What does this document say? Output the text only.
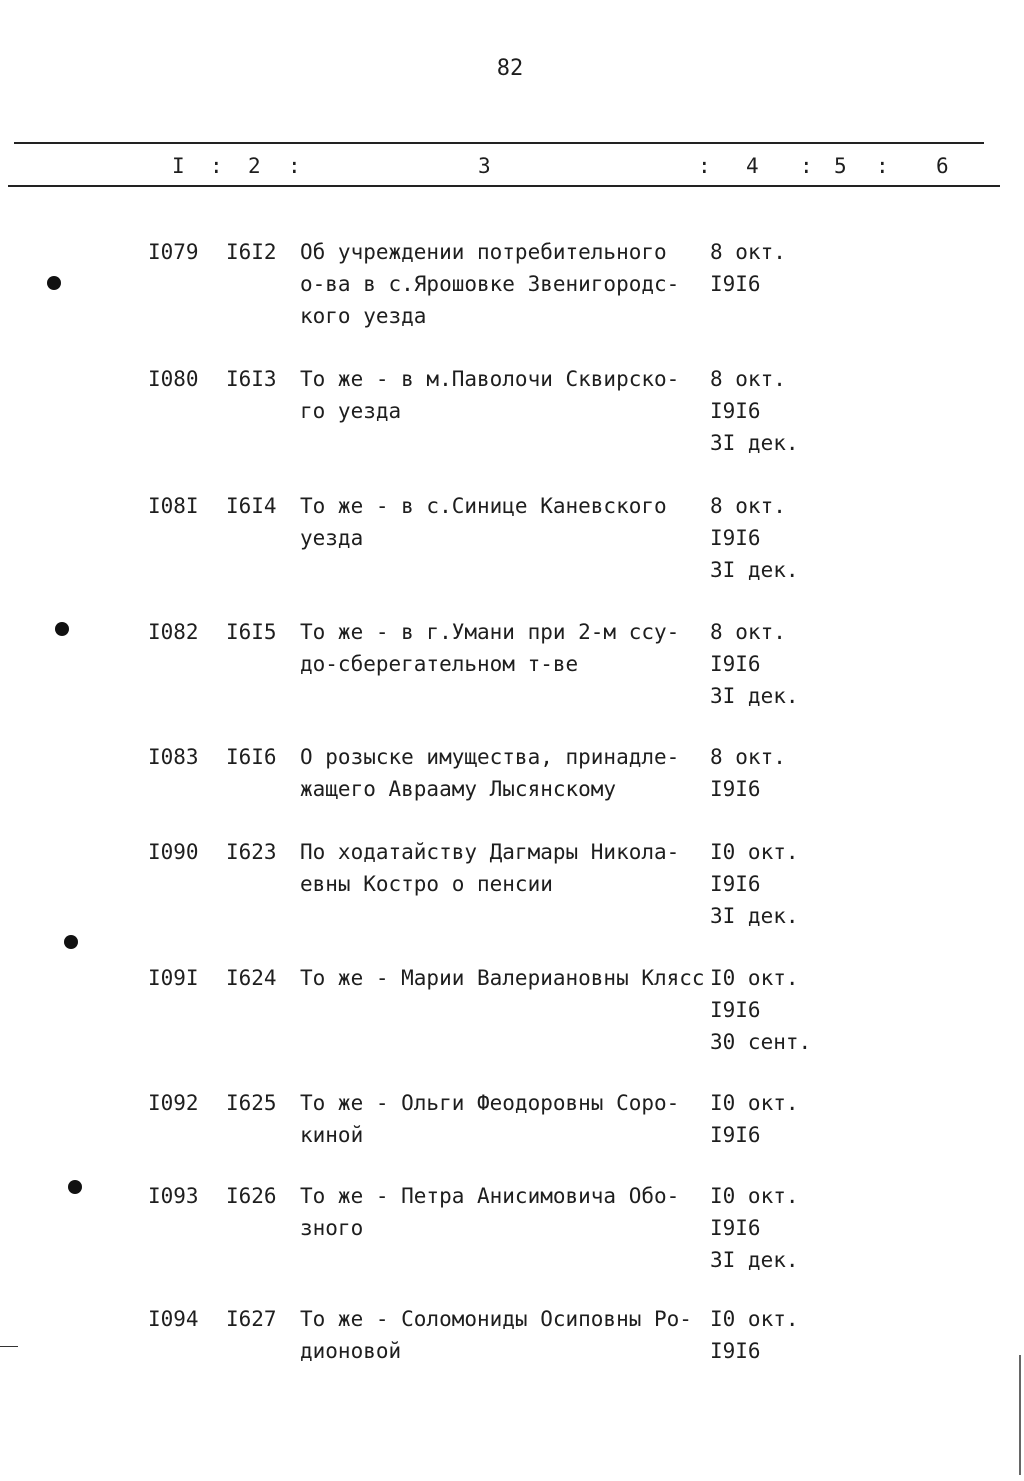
82
I : 2 :	3	: 4 : 5 : 6
I079 I6I2 Об учреждении потребительного
о-ва в с.Ярошовке Звенигородс-
кого уезда
8 окт.
I9I6
I080 I6I3 То же - в м.Паволочи Сквирско-
го уезда
8 окт.
I9I6
3I дек.
I08I I6I4 То же - в с.Синице Каневского
уезда
8 окт.
I9I6
3I дек.
I082 I6I5 То же - в г.Умани при 2-м ссу-
до-сберегательном т-ве
8 окт.
I9I6
3I дек.
I083 I6I6 О розыске имущества, принадле-
жащего Аврааму Лысянскому
8 окт.
I9I6
I090 I623 По ходатайству Дагмары Никола-
евны Костро о пенсии
I0 окт.
I9I6
3I дек.
I09I I624 То же - Марии Валериановны Клясс I0 окт.
I9I6
30 сент.
I092 I625 То же - Ольги Феодоровны Соро-
киной
I0 окт.
I9I6
I093 I626 То же - Петра Анисимовича Обо-
зного
I0 окт.
I9I6
3I дек.
I094 I627 То же - Соломониды Осиповны Ро-
дионовой
I0 окт.
I9I6
